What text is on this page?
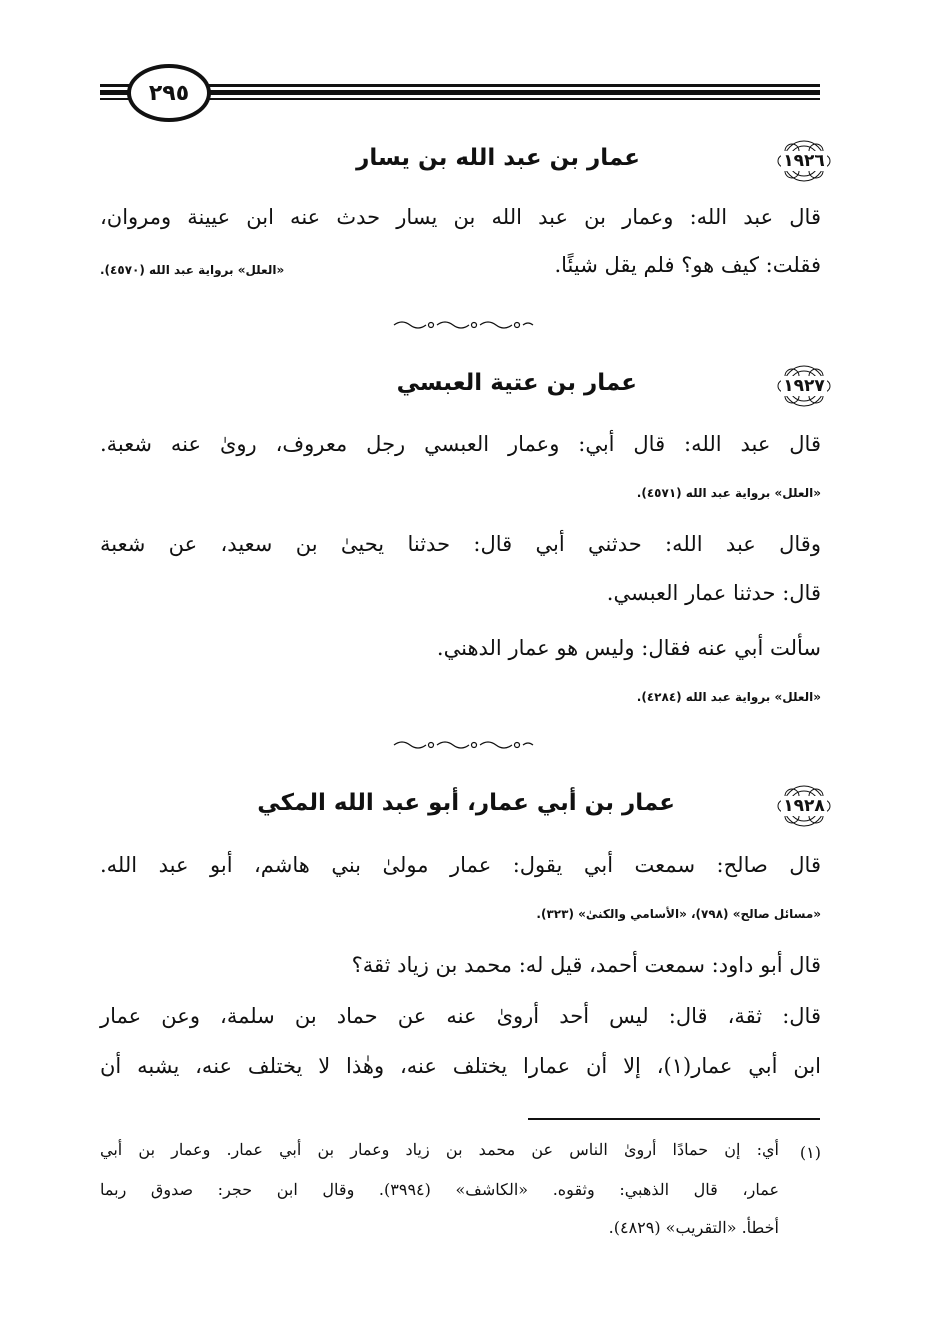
٢٩٥
١٩٢٦
عمار بن عبد الله بن يسار
قال عبد الله: وعمار بن عبد الله بن يسار حدث عنه ابن عيينة ومروان،
فقلت: كيف هو؟ فلم يقل شيئًا.
«العلل» برواية عبد الله (٤٥٧٠).
١٩٢٧
عمار بن عتية العبسي
قال عبد الله: قال أبي: وعمار العبسي رجل معروف، روىٰ عنه شعبة.
«العلل» برواية عبد الله (٤٥٧١).
وقال عبد الله: حدثني أبي قال: حدثنا يحيىٰ بن سعيد، عن شعبة
قال: حدثنا عمار العبسي.
سألت أبي عنه فقال: وليس هو عمار الدهني.
«العلل» برواية عبد الله (٤٢٨٤).
١٩٢٨
عمار بن أبي عمار، أبو عبد الله المكي
قال صالح: سمعت أبي يقول: عمار مولىٰ بني هاشم، أبو عبد الله.
«مسائل صالح» (٧٩٨)، «الأسامي والكنىٰ» (٣٢٣).
قال أبو داود: سمعت أحمد، قيل له: محمد بن زياد ثقة؟
قال: ثقة، قال: ليس أحد أروىٰ عنه عن حماد بن سلمة، وعن عمار
ابن أبي عمار(١)، إلا أن عمارا يختلف عنه، وهٰذا لا يختلف عنه، يشبه أن
(١)
أي: إن حمادًا أروىٰ الناس عن محمد بن زياد وعمار بن أبي عمار. وعمار بن أبي
عمار، قال الذهبي: وثقوه. «الكاشف» (٣٩٩٤). وقال ابن حجر: صدوق ربما
أخطأ. «التقريب» (٤٨٢٩).
